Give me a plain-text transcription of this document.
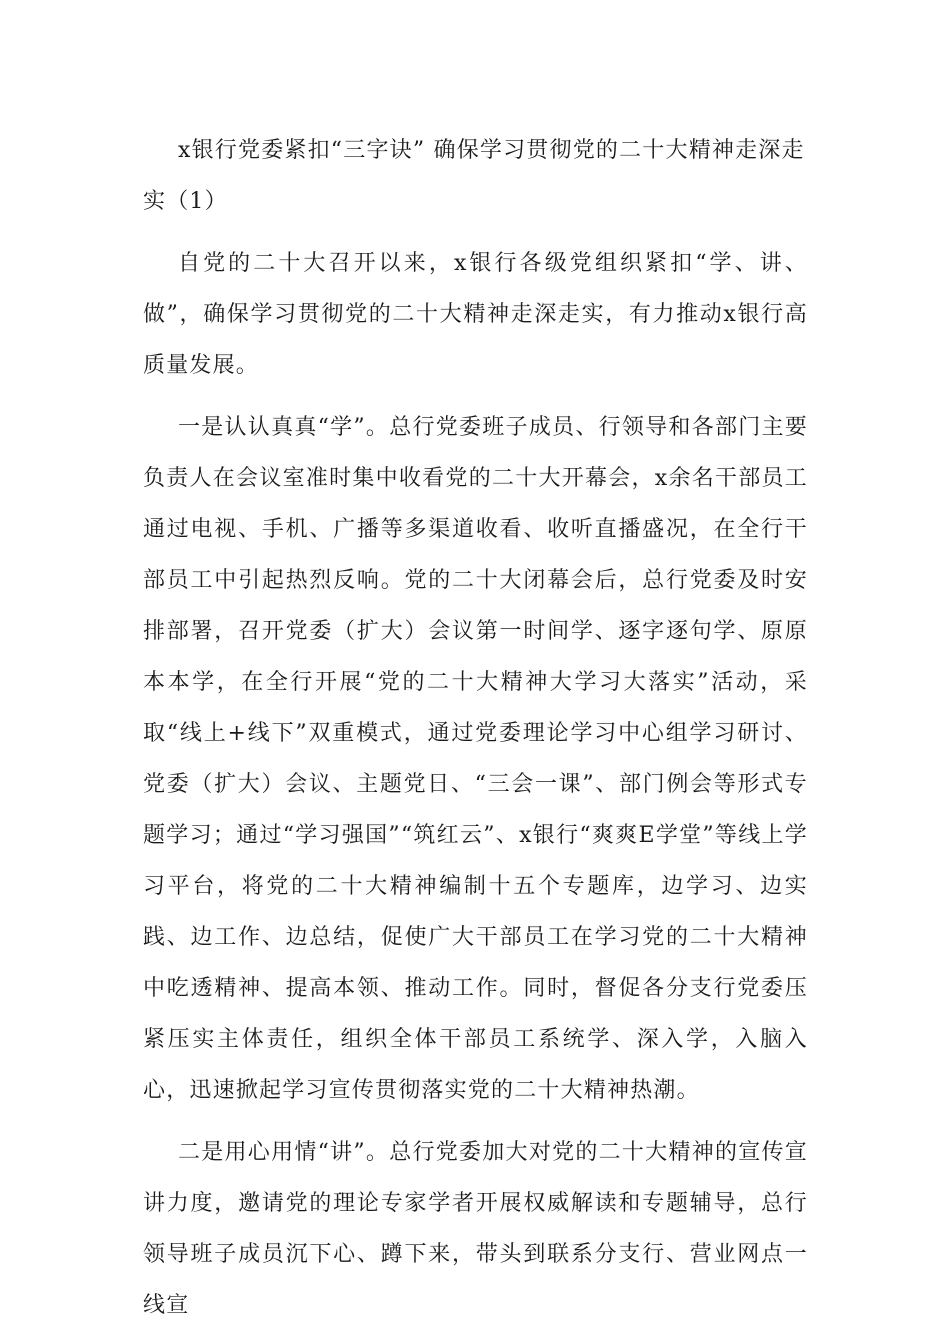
x银行党委紧扣“三字诀” 确保学习贯彻党的二十大精神走深走实（1）

自党的二十大召开以来，x银行各级党组织紧扣“学、讲、做”，确保学习贯彻党的二十大精神走深走实，有力推动x银行高质量发展。

一是认认真真“学”。总行党委班子成员、行领导和各部门主要负责人在会议室准时集中收看党的二十大开幕会，x余名干部员工通过电视、手机、广播等多渠道收看、收听直播盛况，在全行干部员工中引起热烈反响。党的二十大闭幕会后，总行党委及时安排部署，召开党委（扩大）会议第一时间学、逐字逐句学、原原本本学，在全行开展“党的二十大精神大学习大落实”活动，采取“线上+线下”双重模式，通过党委理论学习中心组学习研讨、党委（扩大）会议、主题党日、“三会一课”、部门例会等形式专题学习；通过“学习强国”“筑红云”、x银行“爽爽E学堂”等线上学习平台，将党的二十大精神编制十五个专题库，边学习、边实践、边工作、边总结，促使广大干部员工在学习党的二十大精神中吃透精神、提高本领、推动工作。同时，督促各分支行党委压紧压实主体责任，组织全体干部员工系统学、深入学，入脑入心，迅速掀起学习宣传贯彻落实党的二十大精神热潮。

二是用心用情“讲”。总行党委加大对党的二十大精神的宣传宣讲力度，邀请党的理论专家学者开展权威解读和专题辅导，总行领导班子成员沉下心、蹲下来，带头到联系分支行、营业网点一线宣
